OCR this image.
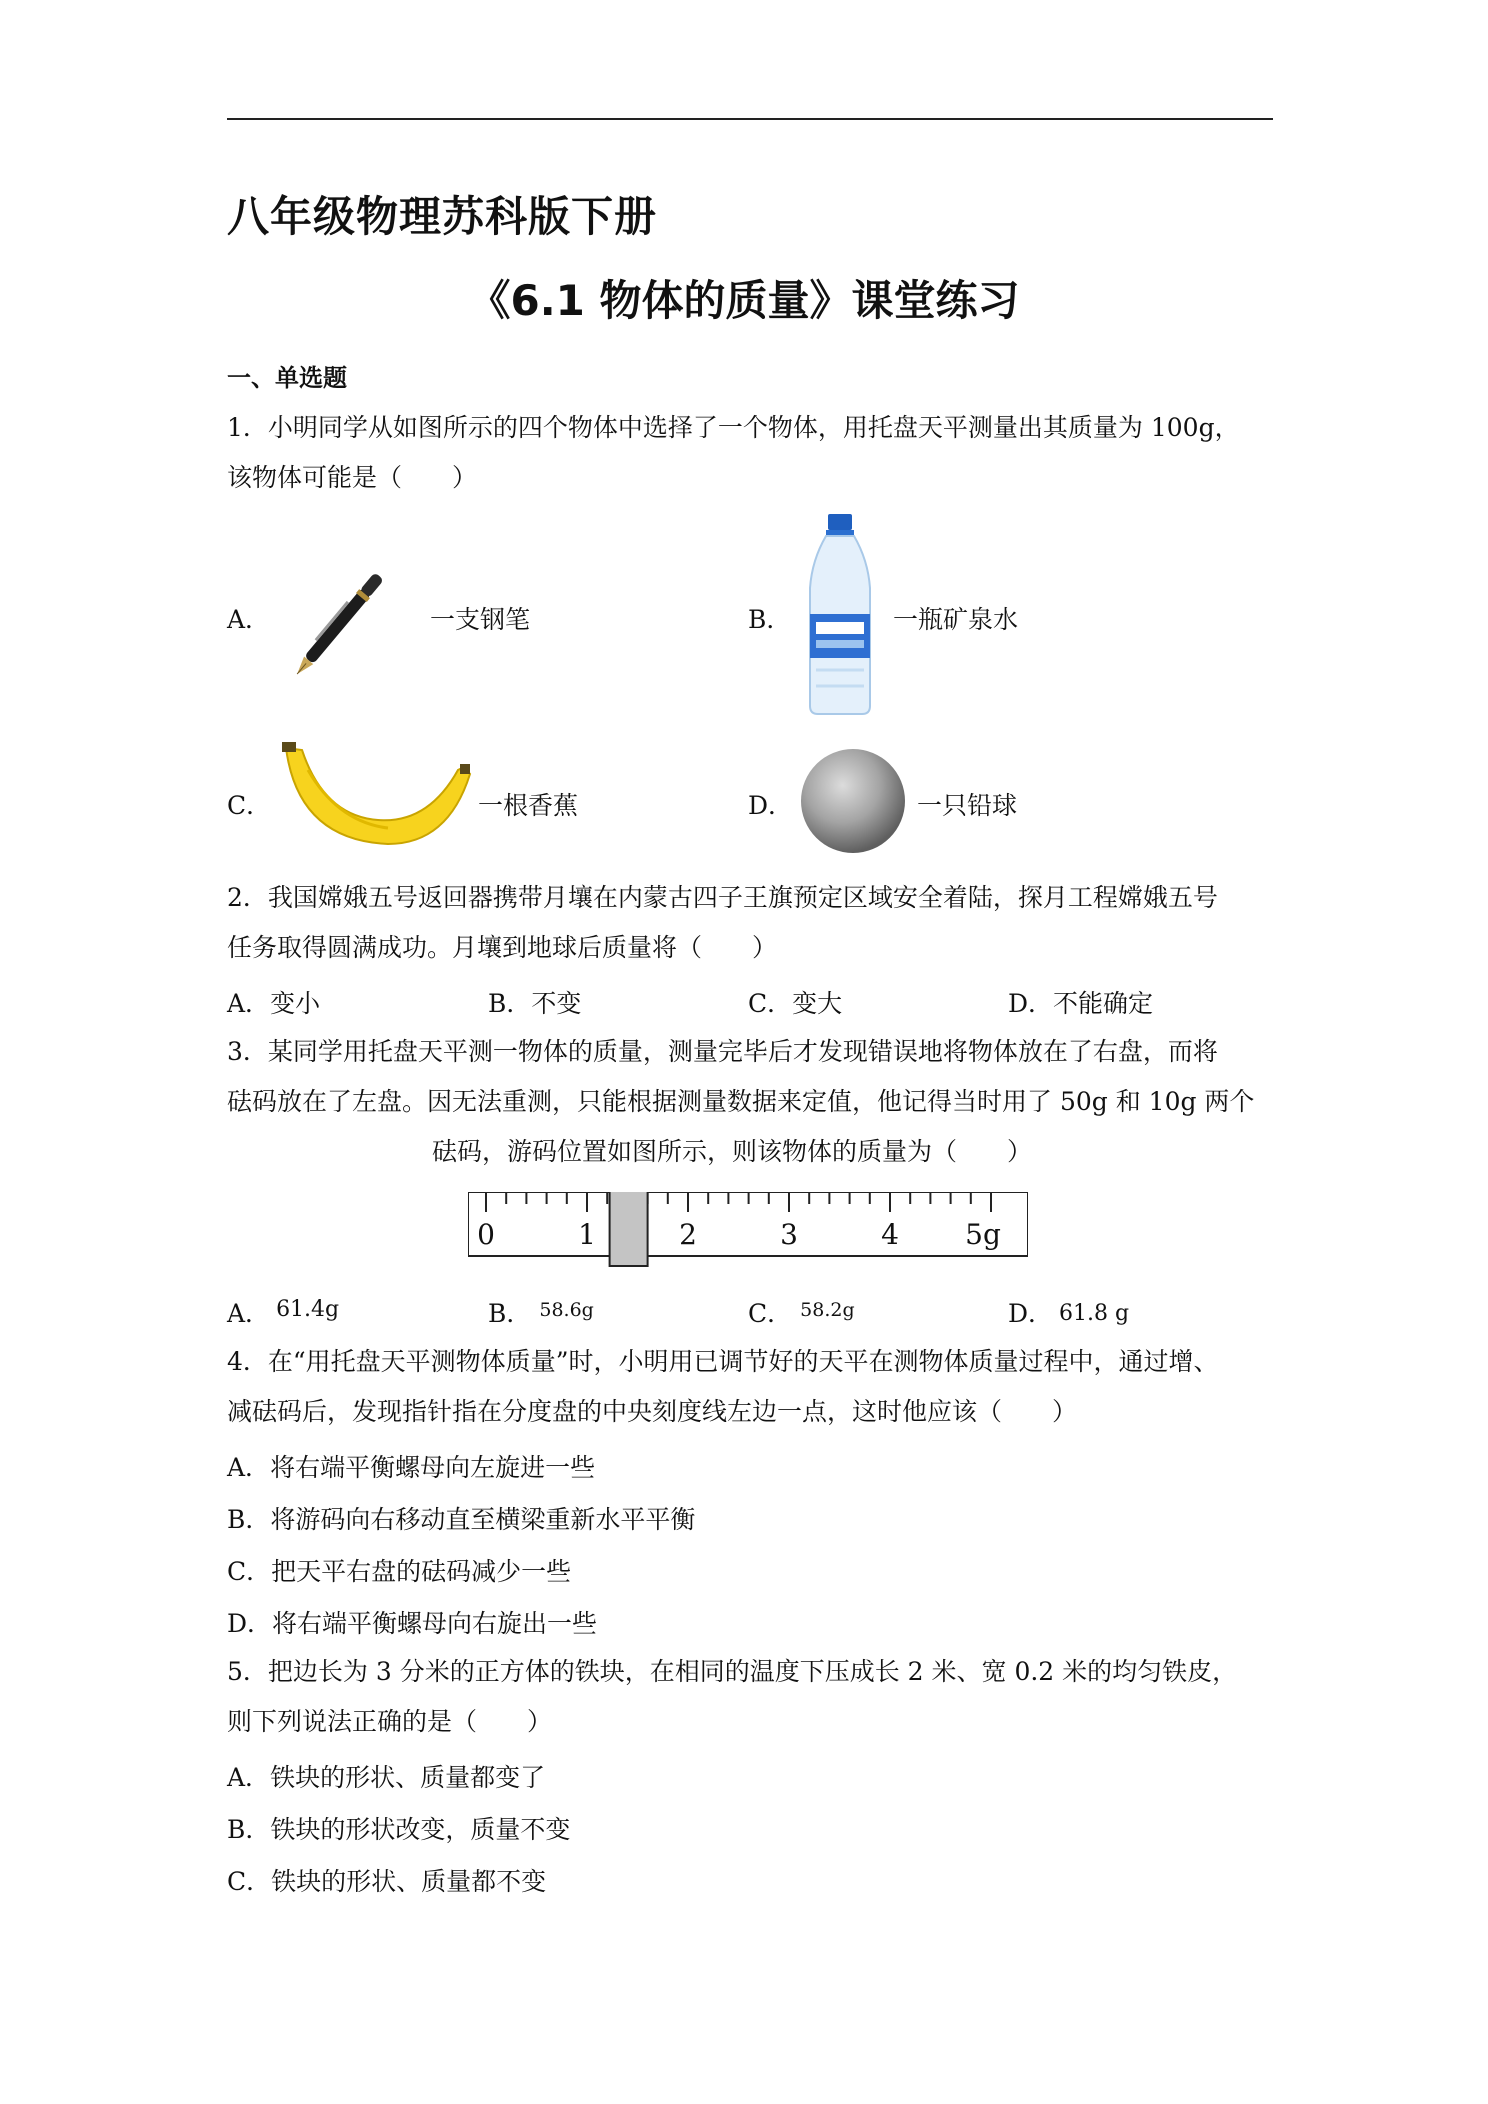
八年级物理苏科版下册
《6.1 物体的质量》课堂练习
一、单选题
1．小明同学从如图所示的四个物体中选择了一个物体，用托盘天平测量出其质量为 100g，
该物体可能是（　　）
A．	一支钢笔	B．	一瓶矿泉水
C．	一根香蕉	D．	一只铅球
2．我国嫦娥五号返回器携带月壤在内蒙古四子王旗预定区域安全着陆，探月工程嫦娥五号
任务取得圆满成功。月壤到地球后质量将（　　）
A．变小	B．不变	C．变大	D．不能确定
3．某同学用托盘天平测一物体的质量，测量完毕后才发现错误地将物体放在了右盘，而将
砝码放在了左盘。因无法重测，只能根据测量数据来定值，他记得当时用了 50g 和 10g 两个
砝码，游码位置如图所示，则该物体的质量为（　　）
0	1	2	3	4 5g
A． 61.4g	B． $^{58.6g}$	C． $^{58.2g}$	D． 61.8 g
4．在“用托盘天平测物体质量”时，小明用已调节好的天平在测物体质量过程中，通过增、
减砝码后，发现指针指在分度盘的中央刻度线左边一点，这时他应该（　　）
A．将右端平衡螺母向左旋进一些
B．将游码向右移动直至横梁重新水平平衡
C．把天平右盘的砝码减少一些
D．将右端平衡螺母向右旋出一些
5．把边长为 3 分米的正方体的铁块，在相同的温度下压成长 2 米、宽 0.2 米的均匀铁皮，
则下列说法正确的是（　　）
A．铁块的形状、质量都变了
B．铁块的形状改变，质量不变
C．铁块的形状、质量都不变
